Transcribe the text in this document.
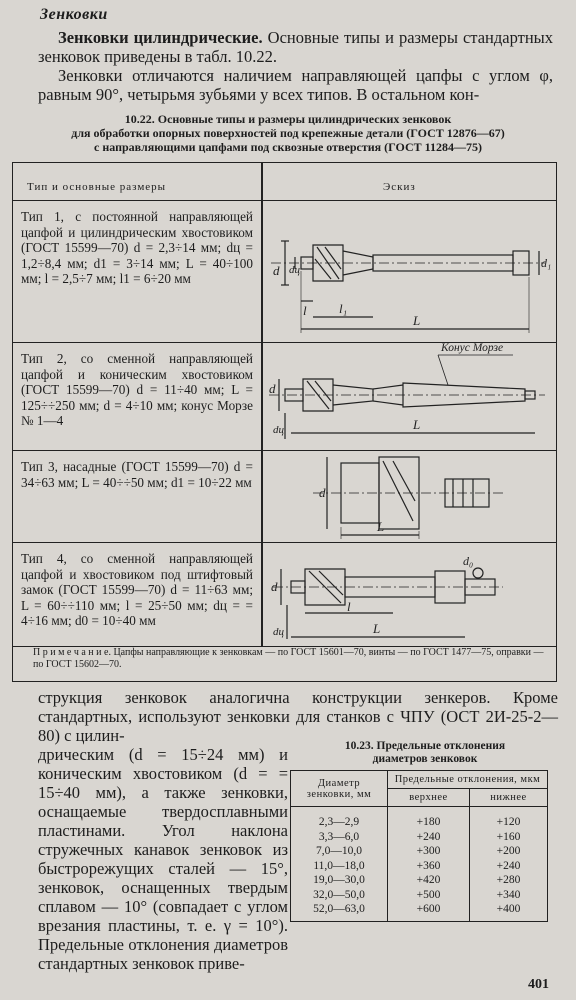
Зенковки

Зенковки цилиндрические. Основные типы и размеры стандартных зенковок приведены в табл. 10.22.

Зенковки отличаются наличием направляющей цапфы с углом φ, равным 90°, четырьмя зубьями у всех типов. В остальном кон-

10.22. Основные типы и размеры цилиндрических зенковок
для обработки опорных поверхностей под крепежные детали (ГОСТ 12876—67)
с направляющими цапфами под сквозные отверстия (ГОСТ 11284—75)
Тип и основные размеры	Эскиз
Тип 1, с постоянной направляющей цапфой и цилиндрическим хвостовиком (ГОСТ 15599—70) d = 2,3÷14 мм; dц = 1,2÷8,4 мм; d1 = 3÷14 мм; L = 40÷100 мм; l = 2,5÷7 мм; l1 = 6÷20 мм
d dц	d₁
l l₁
L
Тип 2, со сменной направляющей цапфой и коническим хвостовиком (ГОСТ 15599—70) d = 11÷40 мм; L = 125÷÷250 мм; d = 4÷10 мм; конус Морзе № 1—4
Конус Морзе
d
dц	L
Тип 3, насадные (ГОСТ 15599—70) d = 34÷63 мм; L = 40÷÷50 мм; d1 = 10÷22 мм
d
L
Тип 4, со сменной направляющей цапфой и хвостовиком под штифтовый замок (ГОСТ 15599—70) d = 11÷63 мм; L = 60÷÷110 мм; l = 25÷50 мм; dц = = 4÷16 мм; d0 = 10÷40 мм
d
dц
l
L
d₀
П р и м е ч а н и е. Цапфы направляющие к зенковкам — по ГОСТ 15601—70, винты — по ГОСТ 1477—75, оправки — по ГОСТ 15602—70.
струкция зенковок аналогична конструкции зенкеров. Кроме стандартных, используют зенковки для станков с ЧПУ (ОСТ 2И-25-2—80) с цилин-
дрическим (d = 15÷24 мм) и коническим хвостовиком (d = = 15÷40 мм), а также зенковки, оснащаемые твердосплавными пластинами. Угол наклона стружечных канавок зенковок из быстрорежущих сталей — 15°, зенковок, оснащенных твердым сплавом — 10° (совпадает с углом врезания пластины, т. е. γ = 10°). Предельные отклонения диаметров стандартных зенковок приве-
10.23. Предельные отклонения
диаметров зенковок
Диаметр зенковки, мм	Предельные отклонения, мкм	
	верхнее	нижнее
2,3—2,9	+180	+120
3,3—6,0	+240	+160
7,0—10,0	+300	+200
11,0—18,0	+360	+240
19,0—30,0	+420	+280
32,0—50,0	+500	+340
52,0—63,0	+600	+400
401
